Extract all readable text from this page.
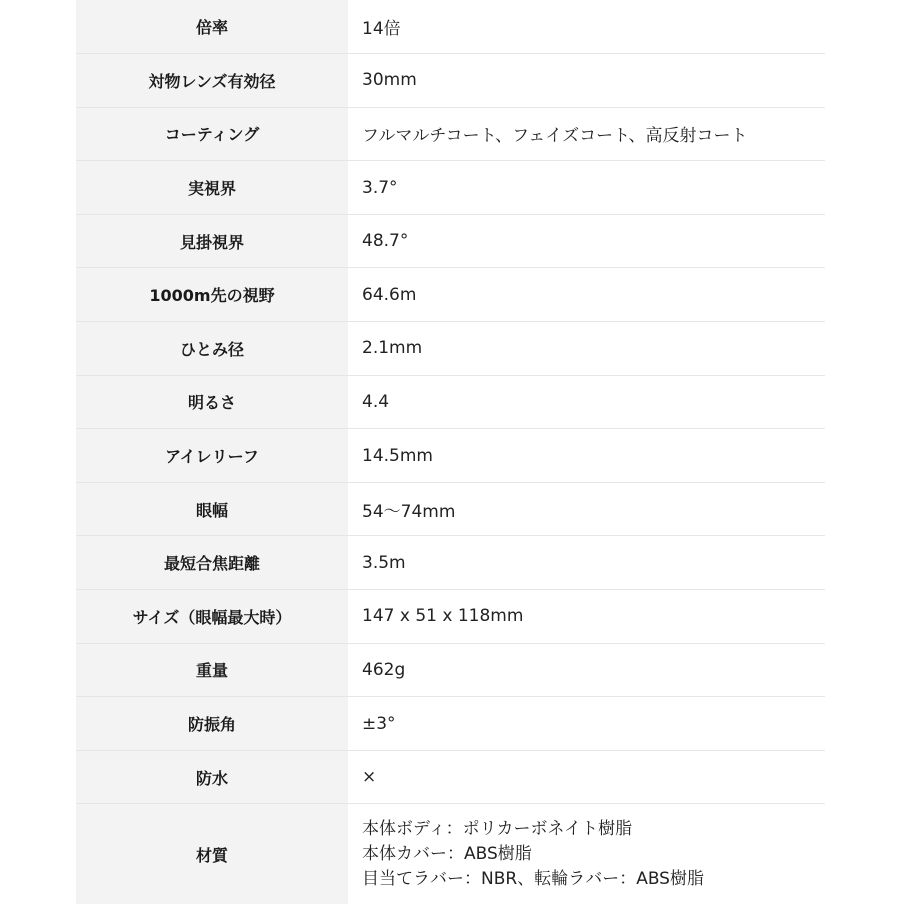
倍率	14倍
対物レンズ有効径	30mm
コーティング	フルマルチコート、フェイズコート、高反射コート
実視界	3.7°
見掛視界	48.7°
1000m先の視野	64.6m
ひとみ径	2.1mm
明るさ	4.4
アイレリーフ	14.5mm
眼幅	54～74mm
最短合焦距離	3.5m
サイズ（眼幅最大時）	147 x 51 x 118mm
重量	462g
防振角	±3°
防水	×
材質	本体ボディ：ポリカーボネイト樹脂
本体カバー：ABS樹脂
目当てラバー：NBR、転輪ラバー：ABS樹脂
